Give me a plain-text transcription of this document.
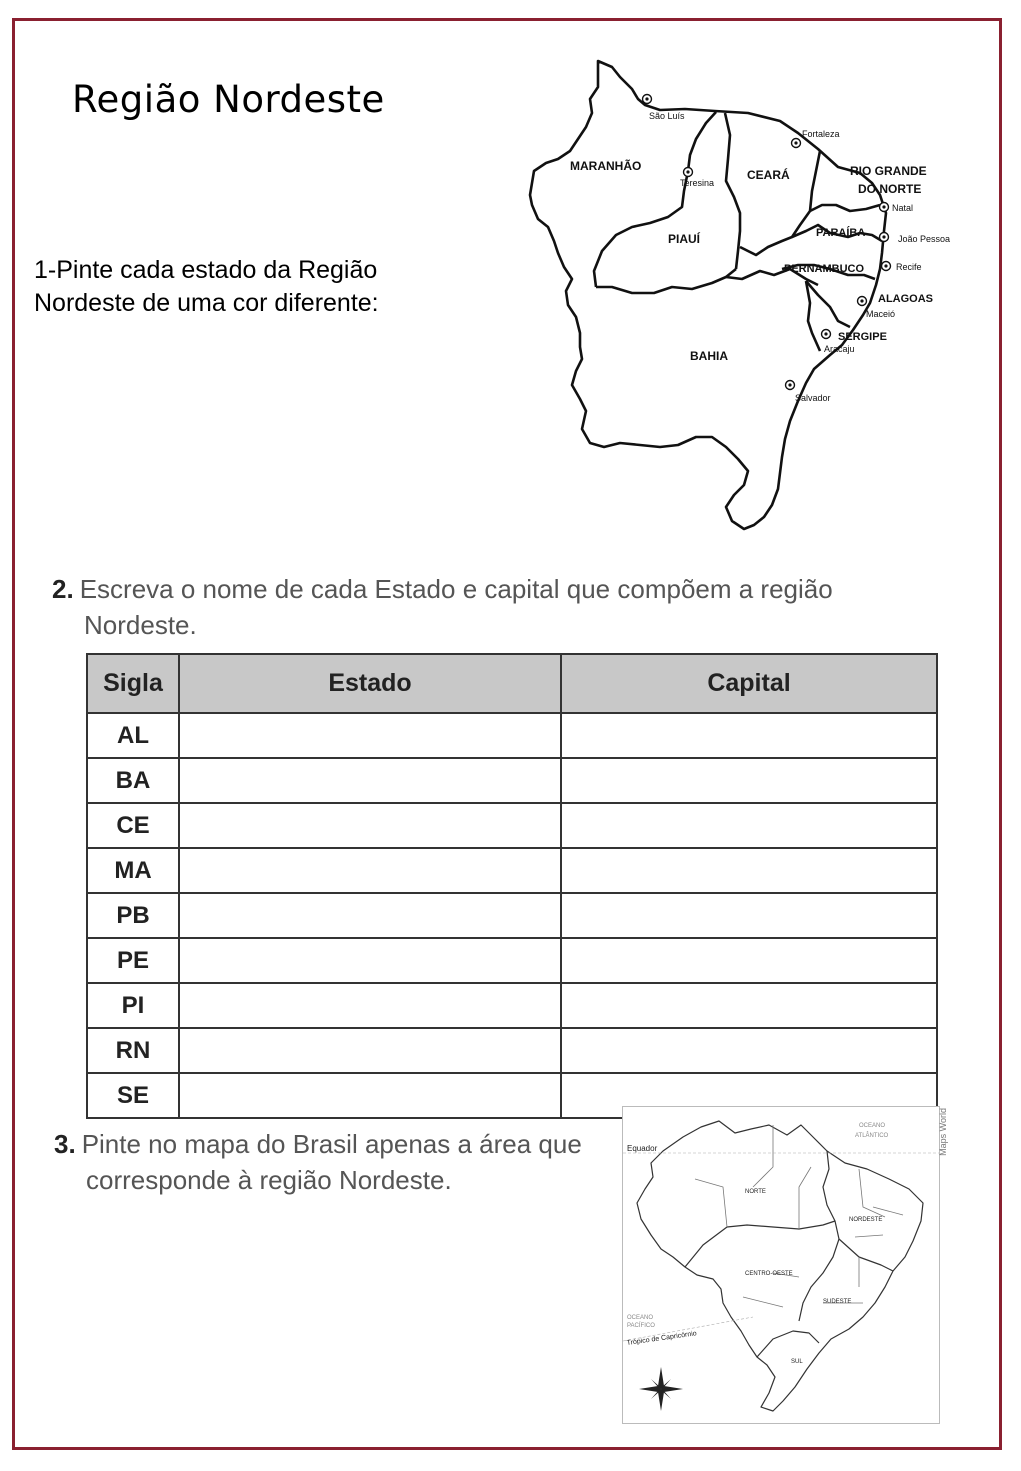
Região Nordeste
1-Pinte cada estado da Região
Nordeste de uma cor diferente:
MARANHÃO
PIAUÍ
CEARÁ	RIO GRANDE
DO NORTE
PARAÍBA
PERNAMBUCO
ALAGOAS
SERGIPE
BAHIA
São Luís
Teresina
Fortaleza
Natal
João Pessoa
Recife
Maceió
Aracaju
Salvador
2. Escreva o nome de cada Estado e capital que compõem a região
Nordeste.
Sigla	Estado	Capital
AL		
BA		
CE		
MA		
PB		
PE		
PI		
RN		
SE		
3. Pinte no mapa do Brasil apenas a área que
corresponde à região Nordeste.
Equador
OCEANO
ATLÂNTICO
NORTE
NORDESTE
CENTRO-OESTE
SUDESTE
SUL
OCEANO
PACÍFICO
Trópico de Capricórnio
Maps World
